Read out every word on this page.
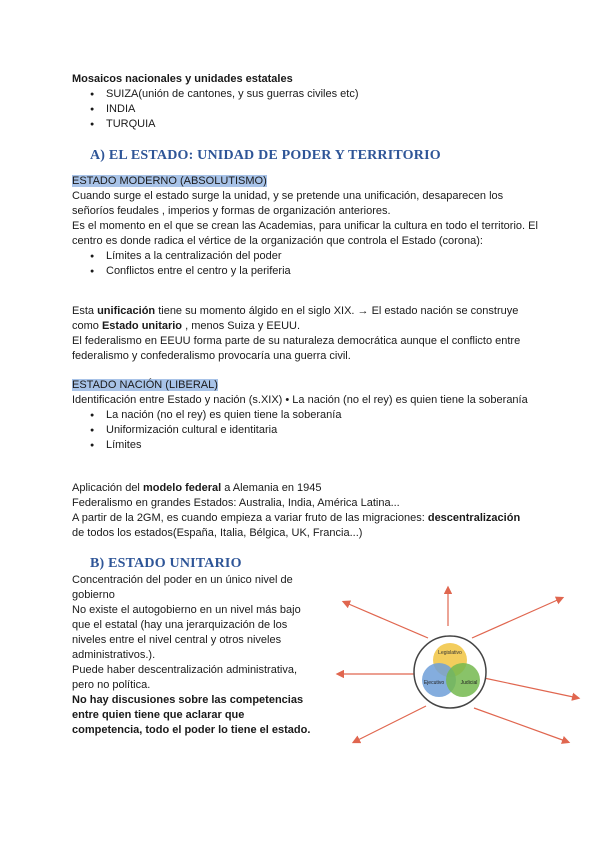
Mosaicos nacionales y unidades estatales

● SUIZA(unión de cantones, y sus guerras civiles etc)
● INDIA
● TURQUIA
A) EL ESTADO: UNIDAD DE PODER Y TERRITORIO

ESTADO MODERNO (ABSOLUTISMO)

Cuando surge el estado surge la unidad, y se pretende una unificación, desaparecen los señoríos feudales , imperios y formas de organización anteriores.

Es el momento en el que se crean las Academias, para unificar la cultura en todo el territorio. El centro es donde radica el vértice de la organización que controla el Estado (corona):

● Límites a la centralización del poder
● Conflictos entre el centro y la periferia

Esta unificación tiene su momento álgido en el siglo XIX. → El estado nación se construye

como Estado unitario , menos Suiza y EEUU.

El federalismo en EEUU forma parte de su naturaleza democrática aunque el conflicto entre federalismo y confederalismo provocaría una guerra civil.

ESTADO NACIÓN (LIBERAL)

Identificación entre Estado y nación (s.XIX) • La nación (no el rey) es quien tiene la soberanía

● La nación (no el rey) es quien tiene la soberanía
● Uniformización cultural e identitaria
● Límites

Aplicación del modelo federal a Alemania en 1945

Federalismo en grandes Estados: Australia, India, América Latina...

A partir de la 2GM, es cuando empieza a variar fruto de las migraciones: descentralización

de todos los estados(España, Italia, Bélgica, UK, Francia...)

B) ESTADO UNITARIO

Concentración del poder en un único nivel de gobierno

No existe el autogobierno en un nivel más bajo que el estatal (hay una jerarquización de los niveles entre el nivel central y otros niveles administrativos.).

Puede haber descentralización administrativa, pero no política.

No hay discusiones sobre las competencias entre quien tiene que aclarar que competencia, todo el poder lo tiene el estado.

Legislativo
Ejecutivo	Judicial
